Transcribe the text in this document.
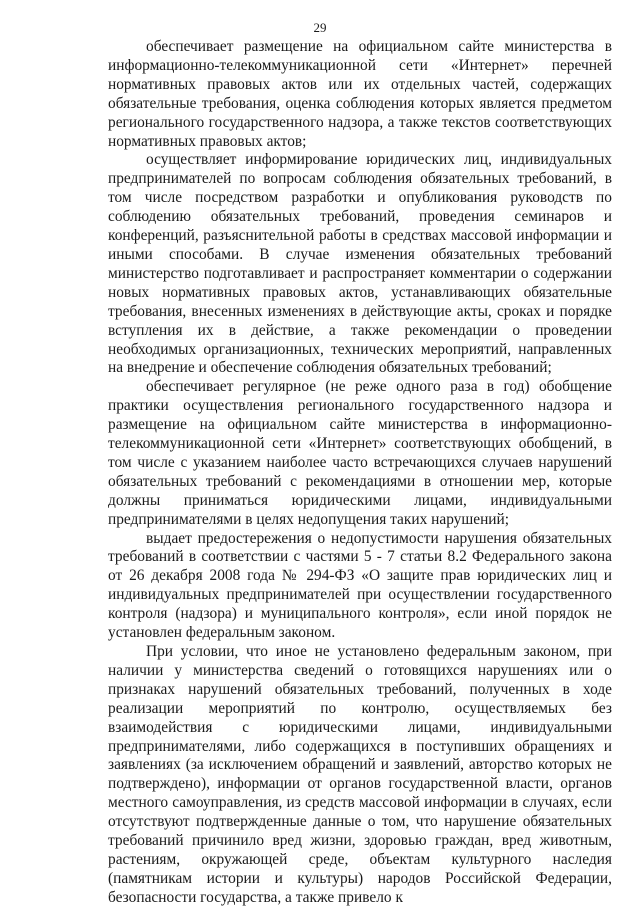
29

обеспечивает размещение на официальном сайте министерства в информационно-телекоммуникационной сети «Интернет» перечней нормативных правовых актов или их отдельных частей, содержащих обязательные требования, оценка соблюдения которых является предметом регионального государственного надзора, а также текстов соответствующих нормативных правовых актов;

осуществляет информирование юридических лиц, индивидуальных предпринимателей по вопросам соблюдения обязательных требований, в том числе посредством разработки и опубликования руководств по соблюдению обязательных требований, проведения семинаров и конференций, разъяснительной работы в средствах массовой информации и иными способами. В случае изменения обязательных требований министерство подготавливает и распространяет комментарии о содержании новых нормативных правовых актов, устанавливающих обязательные требования, внесенных изменениях в действующие акты, сроках и порядке вступления их в действие, а также рекомендации о проведении необходимых организационных, технических мероприятий, направленных на внедрение и обеспечение соблюдения обязательных требований;

обеспечивает регулярное (не реже одного раза в год) обобщение практики осуществления регионального государственного надзора и размещение на официальном сайте министерства в информационно-телекоммуникационной сети «Интернет» соответствующих обобщений, в том числе с указанием наиболее часто встречающихся случаев нарушений обязательных требований с рекомендациями в отношении мер, которые должны приниматься юридическими лицами, индивидуальными предпринимателями в целях недопущения таких нарушений;

выдает предостережения о недопустимости нарушения обязательных требований в соответствии с частями 5 - 7 статьи 8.2 Федерального закона от 26 декабря 2008 года № 294-ФЗ «О защите прав юридических лиц и индивидуальных предпринимателей при осуществлении государственного контроля (надзора) и муниципального контроля», если иной порядок не установлен федеральным законом.

При условии, что иное не установлено федеральным законом, при наличии у министерства сведений о готовящихся нарушениях или о признаках нарушений обязательных требований, полученных в ходе реализации мероприятий по контролю, осуществляемых без взаимодействия с юридическими лицами, индивидуальными предпринимателями, либо содержащихся в поступивших обращениях и заявлениях (за исключением обращений и заявлений, авторство которых не подтверждено), информации от органов государственной власти, органов местного самоуправления, из средств массовой информации в случаях, если отсутствуют подтвержденные данные о том, что нарушение обязательных требований причинило вред жизни, здоровью граждан, вред животным, растениям, окружающей среде, объектам культурного наследия (памятникам истории и культуры) народов Российской Федерации, безопасности государства, а также привело к
